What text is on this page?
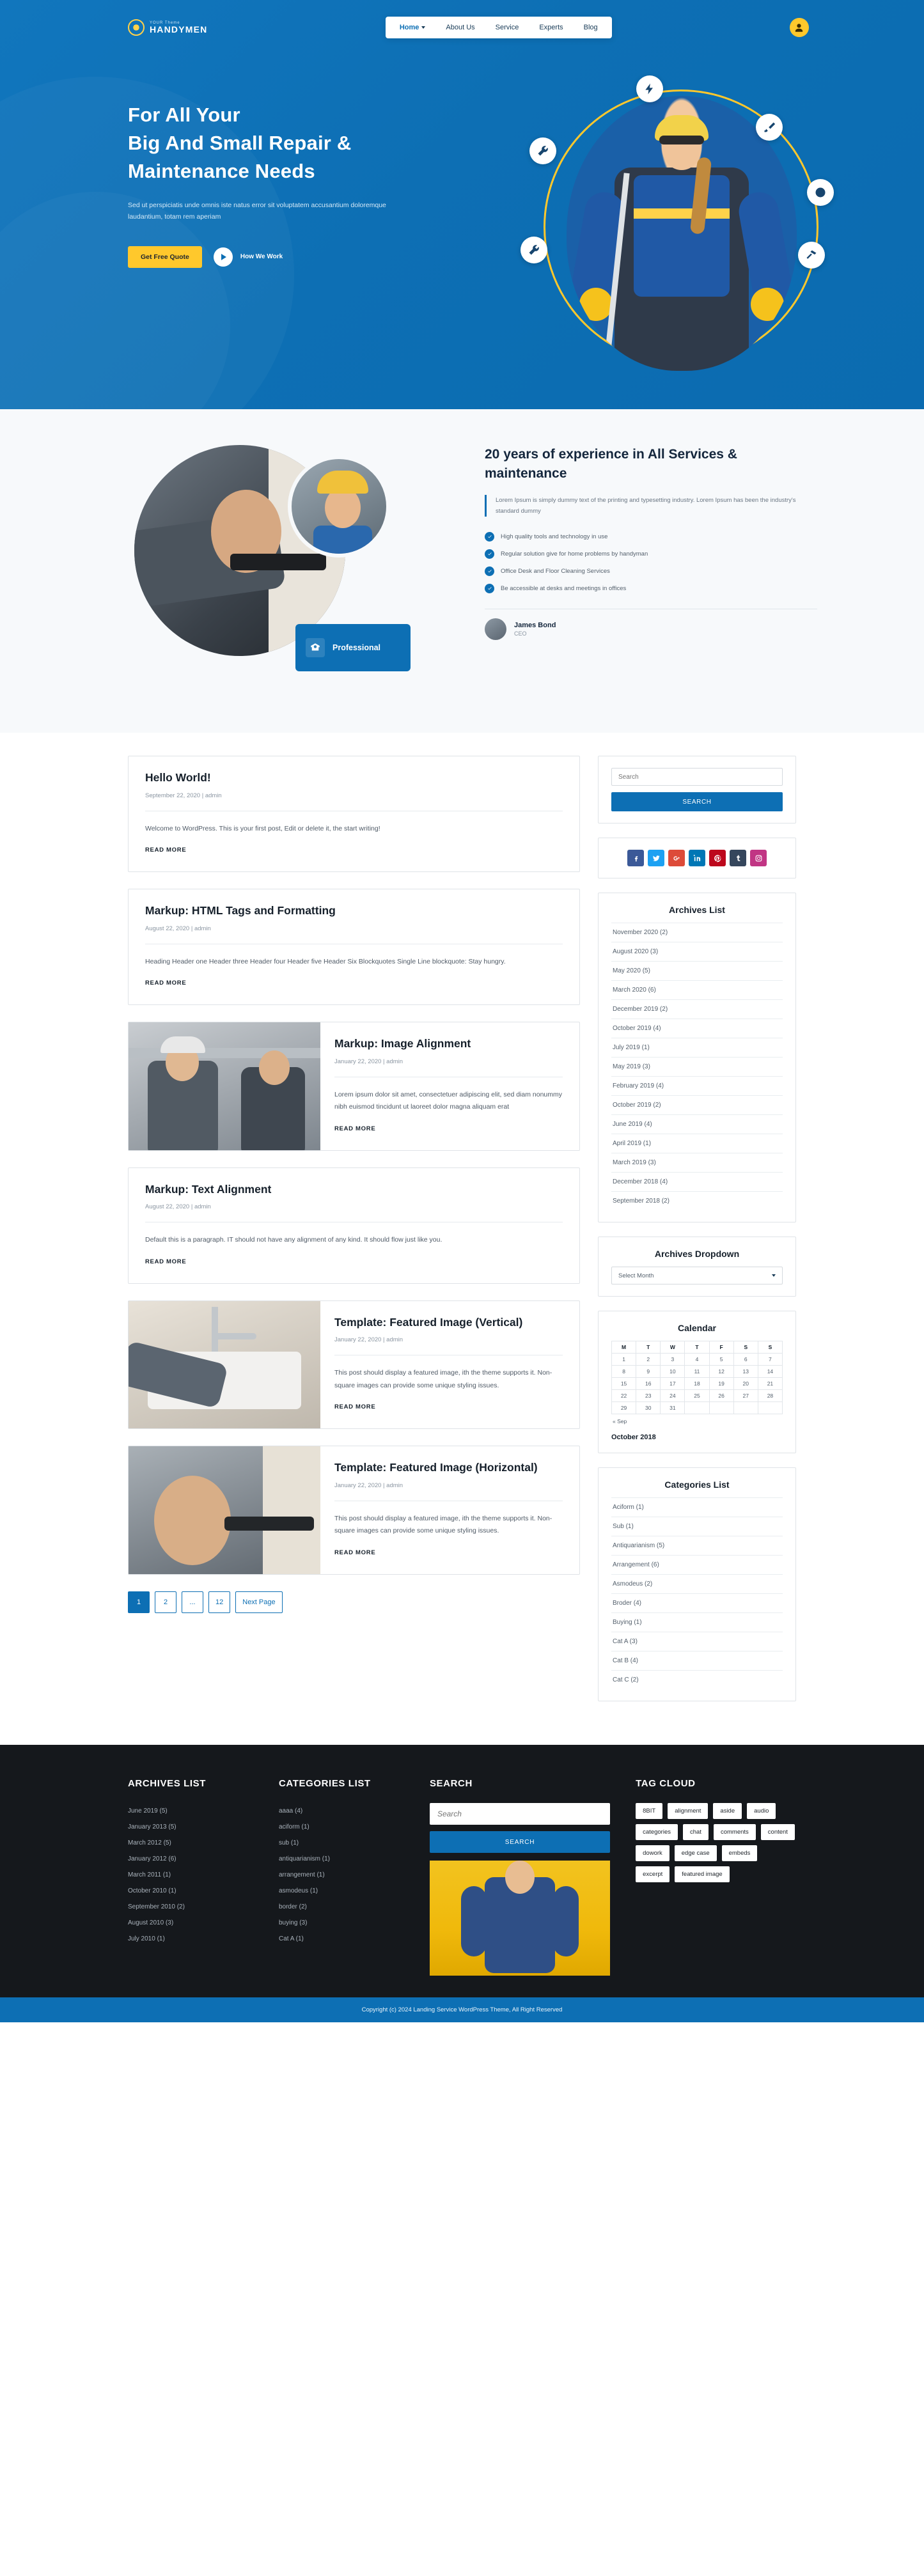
YOUR Theme
HANDYMEN	Home	About Us	Service	Experts	Blog
For All Your
Big And Small Repair &
Maintenance Needs

Sed ut perspiciatis unde omnis iste natus error sit voluptatem accusantium doloremque laudantium, totam rem aperiam

Get Free Quote	How We Work
Professional
20 years of experience in All Services & maintenance
Lorem Ipsum is simply dummy text of the printing and typesetting industry. Lorem Ipsum has been the industry's standard dummy
High quality tools and technology in use
Regular solution give for home problems by handyman
Office Desk and Floor Cleaning Services
Be accessible at desks and meetings in offices
James Bond
CEO
Hello World!
September 22, 2020 | admin

Welcome to WordPress. This is your first post, Edit or delete it, the start writing!

READ MORE
Markup: HTML Tags and Formatting
August 22, 2020 | admin

Heading Header one Header three Header four Header five Header Six Blockquotes Single Line blockquote: Stay hungry.

READ MORE
Markup: Image Alignment
January 22, 2020 | admin

Lorem ipsum dolor sit amet, consectetuer adipiscing elit, sed diam nonummy nibh euismod tincidunt ut laoreet dolor magna aliquam erat

READ MORE
Markup: Text Alignment
August 22, 2020 | admin

Default this is a paragraph. IT should not have any alignment of any kind. It should flow just like you.

READ MORE
Template: Featured Image (Vertical)
January 22, 2020 | admin

This post should display a featured image, ith the theme supports it. Non-square images can provide some unique styling issues.

READ MORE
Template: Featured Image (Horizontal)
January 22, 2020 | admin

This post should display a featured image, ith the theme supports it. Non-square images can provide some unique styling issues.

READ MORE
1	2	...	12	Next Page
Search SEARCH
Archives List
November 2020 (2)
August 2020 (3)
May 2020 (5)
March 2020 (6)
December 2019 (2)
October 2019 (4)
July 2019 (1)
May 2019 (3)
February 2019 (4)
October 2019 (2)
June 2019 (4)
April 2019 (1)
March 2019 (3)
December 2018 (4)
September 2018 (2)
Archives Dropdown
Select Month
Calendar
M	T	W	T	F	S	S
1	2	3	4	5	6	7
8	9	10	11	12	13	14
15	16	17	18	19	20	21
22	23	24	25	26	27	28
29	30	31				
« Sep
October 2018
Categories List
Aciform (1)
Sub (1)
Antiquarianism (5)
Arrangement (6)
Asmodeus (2)
Broder (4)
Buying (1)
Cat A (3)
Cat B (4)
Cat C (2)
ARCHIVES LIST
June 2019 (5)
January 2013 (5)
March 2012 (5)
January 2012 (6)
March 2011 (1)
October 2010 (1)
September 2010 (2)
August 2010 (3)
July 2010 (1)
CATEGORIES LIST
aaaa (4)
aciform (1)
sub (1)
antiquarianism (1)
arrangement (1)
asmodeus (1)
border (2)
buying (3)
Cat A (1)
SEARCH
Search SEARCH
TAG CLOUD
8BIT	alignment	aside	audio
categories	chat	comments	content
dowork	edge case	embeds
excerpt	featured image
Copyright (c) 2024 Landing Service WordPress Theme, All Right Reserved
